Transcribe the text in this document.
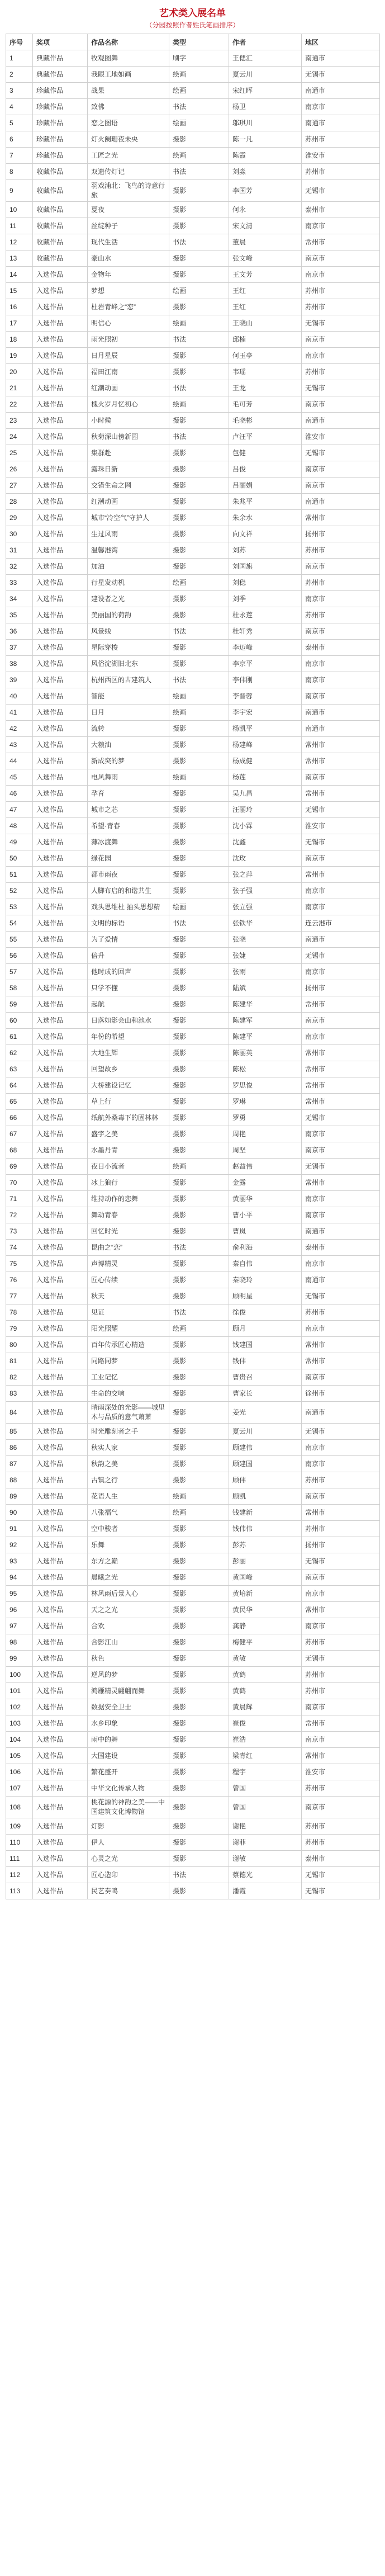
艺术类入展名单
（分园按照作者姓氏笔画排序）
序号	奖项	作品名称	类型	作者	地区
1	典藏作品	牧观图舞	刷字	王偲汇	南通市
2	典藏作品	我眼工地如画	绘画	夏云川	无锡市
3	珍藏作品	战果	绘画	宋红晖	南通市
4	珍藏作品	致佛	书法	杨卫	南京市
5	珍藏作品	恋之图语	绘画	邬琪川	南通市
6	珍藏作品	灯火阑珊夜未央	摄影	陈一凡	苏州市
7	珍藏作品	工匠之光	绘画	陈霞	淮安市
8	收藏作品	双遗传灯记	书法	刘淼	苏州市
9	收藏作品	羽戏浦北：飞鸟的诗意行旅	摄影	李国芳	无锡市
10	收藏作品	夏夜	摄影	何永	泰州市
11	收藏作品	丝绽种子	摄影	宋文清	南京市
12	收藏作品	现代生活	书法	董晨	常州市
13	收藏作品	豪山水	摄影	张文峰	南京市
14	入选作品	金物年	摄影	王文芳	南京市
15	入选作品	梦想	绘画	王红	苏州市
16	入选作品	杜岩青峰之“恋”	摄影	王红	苏州市
17	入选作品	明信心	绘画	王晓山	无锡市
18	入选作品	雨光照初	书法	邱楠	南京市
19	入选作品	日月星辰	摄影	何玉亭	南京市
20	入选作品	福田江南	摄影	韦瑶	苏州市
21	入选作品	红潮动画	书法	王龙	无锡市
22	入选作品	槐火岁月忆初心	绘画	毛可芳	南京市
23	入选作品	小时候	摄影	毛晓彬	南通市
24	入选作品	秋菊深山傍新园	书法	卢汪平	淮安市
25	入选作品	集群赴	摄影	包健	无锡市
26	入选作品	露珠日新	摄影	吕俊	南京市
27	入选作品	交错生命之网	摄影	吕丽娟	南京市
28	入选作品	红潮动画	摄影	朱兆平	南通市
29	入选作品	城市“冷空气”守护人	摄影	朱余水	常州市
30	入选作品	生过风雨	摄影	向文祥	扬州市
31	入选作品	温馨港湾	摄影	刘苏	苏州市
32	入选作品	加油	摄影	刘国旗	南京市
33	入选作品	行星发动机	绘画	刘稳	苏州市
34	入选作品	建设者之光	摄影	刘季	南京市
35	入选作品	美丽国的荷韵	摄影	杜永莲	苏州市
36	入选作品	风景线	书法	杜轩秀	南京市
37	入选作品	星际穿梭	摄影	李迈峰	泰州市
38	入选作品	风俗淀湖旧北东	摄影	李京平	南京市
39	入选作品	杭州西区的古建筑人	书法	李伟刚	南京市
40	入选作品	智能	绘画	李晋蓉	南京市
41	入选作品	日月	绘画	李宇宏	南通市
42	入选作品	流转	摄影	杨凯平	南通市
43	入选作品	大粮油	摄影	杨建峰	常州市
44	入选作品	新成突的梦	摄影	杨成健	常州市
45	入选作品	电风舞雨	绘画	杨莲	南京市
46	入选作品	孕育	摄影	吴九昌	常州市
47	入选作品	城市之芯	摄影	汪丽玲	无锡市
48	入选作品	希望·青春	摄影	沈小霖	淮安市
49	入选作品	薄冰渡舞	摄影	沈鑫	无锡市
50	入选作品	绿花园	摄影	沈玫	南京市
51	入选作品	都市雨夜	摄影	张之萍	常州市
52	入选作品	人脚布启的和谐共生	摄影	张子强	南京市
53	入选作品	戏头思维杜 抽头思想精	绘画	张立强	南京市
54	入选作品	文明的标语	书法	张铁华	连云港市
55	入选作品	为了爱情	摄影	张晓	南通市
56	入选作品	倍升	摄影	张婕	无锡市
57	入选作品	他时成的回声	摄影	张雨	南京市
58	入选作品	只学不懂	摄影	陆斌	扬州市
59	入选作品	起航	摄影	陈建华	常州市
60	入选作品	日落如影会山和池水	摄影	陈建军	南京市
61	入选作品	年份的希望	摄影	陈建平	南京市
62	入选作品	大地生辉	摄影	陈丽英	常州市
63	入选作品	回望故乡	摄影	陈松	常州市
64	入选作品	大桥建设记忆	摄影	罗思俊	常州市
65	入选作品	草上行	摄影	罗琳	常州市
66	入选作品	纸航外桑毒下的固林林	摄影	罗勇	无锡市
67	入选作品	盛宇之美	摄影	周艳	南京市
68	入选作品	水墨丹青	摄影	周坚	南京市
69	入选作品	夜日小流者	绘画	赵益伟	无锡市
70	入选作品	冰上狼行	摄影	金露	常州市
71	入选作品	维持动作的恋舞	摄影	黄丽华	南京市
72	入选作品	舞动青春	摄影	曹小平	南京市
73	入选作品	回忆时光	摄影	曹岚	南通市
74	入选作品	昆曲之“恋”	书法	俞利海	泰州市
75	入选作品	声博精灵	摄影	秦自伟	南京市
76	入选作品	匠心传续	摄影	秦晓玲	南通市
77	入选作品	秋天	摄影	顾明星	无锡市
78	入选作品	见证	书法	徐俊	苏州市
79	入选作品	阳光照耀	绘画	顾月	南京市
80	入选作品	百年传承匠心精造	摄影	钱建国	常州市
81	入选作品	同路同梦	摄影	钱伟	常州市
82	入选作品	工业记忆	摄影	曹贵召	南京市
83	入选作品	生命的交响	摄影	曹家长	徐州市
84	入选作品	晴雨深处的光影——城里木与品质的意气萧萧	摄影	姜光	南通市
85	入选作品	时光雕刻者之手	摄影	夏云川	无锡市
86	入选作品	秋实人家	摄影	顾建伟	南京市
87	入选作品	秋韵之美	摄影	顾建国	南京市
88	入选作品	古镇之行	摄影	顾伟	苏州市
89	入选作品	花语人生	绘画	顾凯	南京市
90	入选作品	八张福气	绘画	钱建新	常州市
91	入选作品	空中骏者	摄影	钱伟伟	苏州市
92	入选作品	乐舞	摄影	彭苏	扬州市
93	入选作品	东方之巅	摄影	彭丽	无锡市
94	入选作品	晨曦之光	摄影	黄国峰	南京市
95	入选作品	林风雨后景入心	摄影	黄培新	南京市
96	入选作品	天之之光	摄影	黄民华	常州市
97	入选作品	合欢	摄影	龚静	南京市
98	入选作品	合影江山	摄影	梅健平	苏州市
99	入选作品	秋色	摄影	黄敏	无锡市
100	入选作品	逆风的梦	摄影	黄鹤	苏州市
101	入选作品	鸿雁精灵翩翩而舞	摄影	黄鹤	苏州市
102	入选作品	数据安全卫士	摄影	黄晨辉	南京市
103	入选作品	水乡印象	摄影	崔俊	常州市
104	入选作品	雨中的舞	摄影	崔浩	南京市
105	入选作品	大国建设	摄影	梁青红	常州市
106	入选作品	繁花盛开	摄影	程宇	淮安市
107	入选作品	中华文化传承人物	摄影	曾国	苏州市
108	入选作品	桃花源的神韵之美——中国建筑文化博物馆	摄影	曾国	南京市
109	入选作品	灯影	摄影	谢艳	苏州市
110	入选作品	伊人	摄影	谢菲	苏州市
111	入选作品	心灵之光	摄影	谢敏	泰州市
112	入选作品	匠心造印	书法	蔡德光	无锡市
113	入选作品	民艺奏鸣	摄影	潘霞	无锡市
